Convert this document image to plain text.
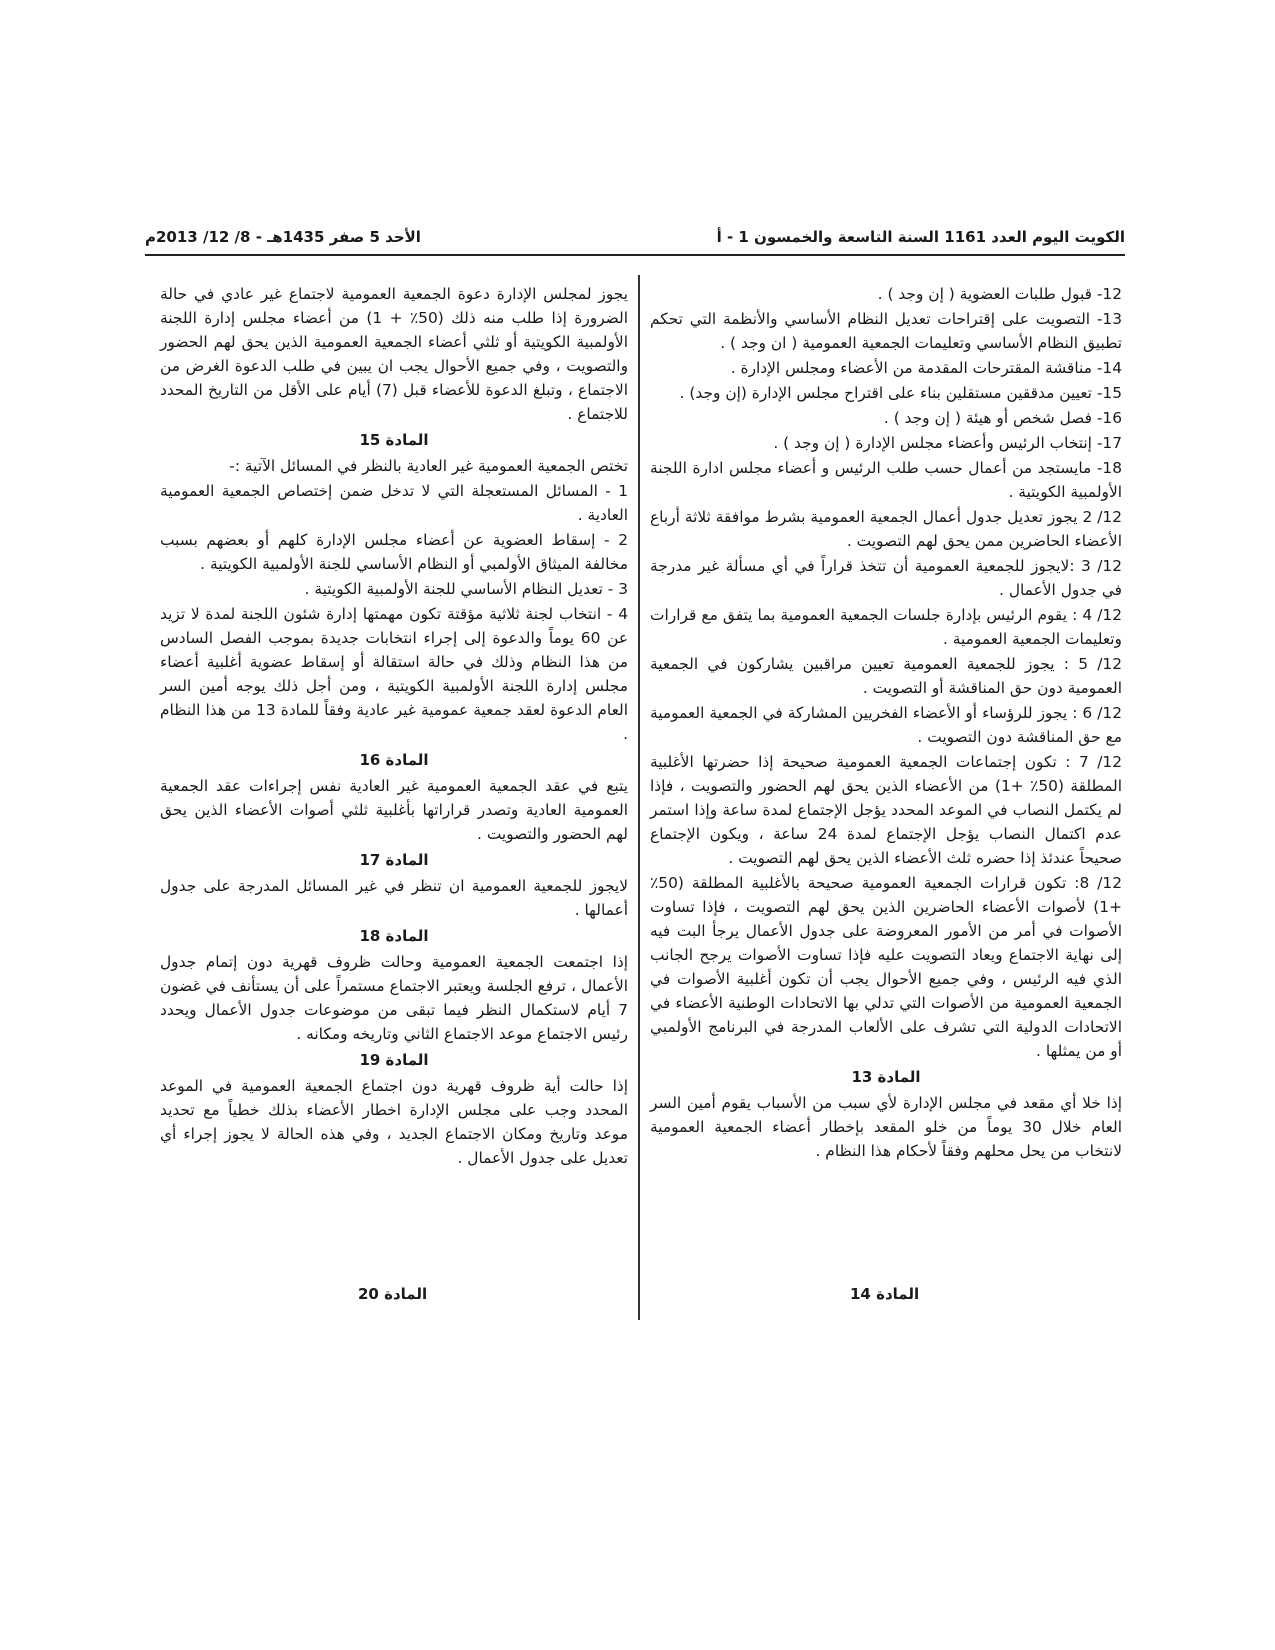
الكويت اليوم العدد 1161 السنة التاسعة والخمسون 1 - أ
الأحد 5 صفر 1435هـ - 8/ 12/ 2013م

12- قبول طلبات العضوية ( إن وجد ) .

13- التصويت على إقتراحات تعديل النظام الأساسي والأنظمة التي تحكم تطبيق النظام الأساسي وتعليمات الجمعية العمومية ( ان وجد ) .

14- مناقشة المقترحات المقدمة من الأعضاء ومجلس الإدارة .

15- تعيين مدققين مستقلين بناء على اقتراح مجلس الإدارة (إن وجد) .

16- فصل شخص أو هيئة ( إن وجد ) .

17- إنتخاب الرئيس وأعضاء مجلس الإدارة ( إن وجد ) .

18- مايستجد من أعمال حسب طلب الرئيس و أعضاء مجلس ادارة اللجنة الأولمبية الكويتية .

12/ 2 يجوز تعديل جدول أعمال الجمعية العمومية بشرط موافقة ثلاثة أرباع الأعضاء الحاضرين ممن يحق لهم التصويت .

12/ 3 :لايجوز للجمعية العمومية أن تتخذ قراراً في أي مسألة غير مدرجة في جدول الأعمال .

12/ 4 : يقوم الرئيس بإدارة جلسات الجمعية العمومية بما يتفق مع قرارات وتعليمات الجمعية العمومية .

12/ 5 : يجوز للجمعية العمومية تعيين مراقبين يشاركون في الجمعية العمومية دون حق المناقشة أو التصويت .

12/ 6 : يجوز للرؤساء أو الأعضاء الفخريين المشاركة في الجمعية العمومية مع حق المناقشة دون التصويت .

12/ 7 : تكون إجتماعات الجمعية العمومية صحيحة إذا حضرتها الأغلبية المطلقة (50٪ +1) من الأعضاء الذين يحق لهم الحضور والتصويت ، فإذا لم يكتمل النصاب في الموعد المحدد يؤجل الإجتماع لمدة ساعة وإذا استمر عدم اكتمال النصاب يؤجل الإجتماع لمدة 24 ساعة ، ويكون الإجتماع صحيحاً عندئذ إذا حضره ثلث الأعضاء الذين يحق لهم التصويت .

12/ 8: تكون قرارات الجمعية العمومية صحيحة بالأغلبية المطلقة (50٪+1) لأصوات الأعضاء الحاضرين الذين يحق لهم التصويت ، فإذا تساوت الأصوات في أمر من الأمور المعروضة على جدول الأعمال يرجأ البت فيه إلى نهاية الاجتماع ويعاد التصويت عليه فإذا تساوت الأصوات يرجح الجانب الذي فيه الرئيس ، وفي جميع الأحوال يجب أن تكون أغلبية الأصوات في الجمعية العمومية من الأصوات التي تدلي بها الاتحادات الوطنية الأعضاء في الاتحادات الدولية التي تشرف على الألعاب المدرجة في البرنامج الأولمبي أو من يمثلها .

المادة 13

إذا خلا أي مقعد في مجلس الإدارة لأي سبب من الأسباب يقوم أمين السر العام خلال 30 يوماً من خلو المقعد بإخطار أعضاء الجمعية العمومية لانتخاب من يحل محلهم وفقاً لأحكام هذا النظام .

يجوز لمجلس الإدارة دعوة الجمعية العمومية لاجتماع غير عادي في حالة الضرورة إذا طلب منه ذلك (50٪ + 1) من أعضاء مجلس إدارة اللجنة الأولمبية الكويتية أو ثلثي أعضاء الجمعية العمومية الذين يحق لهم الحضور والتصويت ، وفي جميع الأحوال يجب ان يبين في طلب الدعوة الغرض من الاجتماع ، وتبلغ الدعوة للأعضاء قبل (7) أيام على الأقل من التاريخ المحدد للاجتماع .

المادة 15

تختص الجمعية العمومية غير العادية بالنظر في المسائل الآتية :-

1 - المسائل المستعجلة التي لا تدخل ضمن إختصاص الجمعية العمومية العادية .

2 - إسقاط العضوية عن أعضاء مجلس الإدارة كلهم أو بعضهم بسبب مخالفة الميثاق الأولمبي أو النظام الأساسي للجنة الأولمبية الكويتية .

3 - تعديل النظام الأساسي للجنة الأولمبية الكويتية .

4 - انتخاب لجنة ثلاثية مؤقتة تكون مهمتها إدارة شئون اللجنة لمدة لا تزيد عن 60 يوماً والدعوة إلى إجراء انتخابات جديدة بموجب الفصل السادس من هذا النظام وذلك في حالة استقالة أو إسقاط عضوية أغلبية أعضاء مجلس إدارة اللجنة الأولمبية الكويتية ، ومن أجل ذلك يوجه أمين السر العام الدعوة لعقد جمعية عمومية غير عادية وفقاً للمادة 13 من هذا النظام .

المادة 16

يتبع في عقد الجمعية العمومية غير العادية نفس إجراءات عقد الجمعية العمومية العادية وتصدر قراراتها بأغلبية ثلثي أصوات الأعضاء الذين يحق لهم الحضور والتصويت .

المادة 17

لايجوز للجمعية العمومية ان تنظر في غير المسائل المدرجة على جدول أعمالها .

المادة 18

إذا اجتمعت الجمعية العمومية وحالت ظروف قهرية دون إتمام جدول الأعمال ، ترفع الجلسة ويعتبر الاجتماع مستمراً على أن يستأنف في غضون 7 أيام لاستكمال النظر فيما تبقى من موضوعات جدول الأعمال ويحدد رئيس الاجتماع موعد الاجتماع الثاني وتاريخه ومكانه .

المادة 19

إذا حالت أية ظروف قهرية دون اجتماع الجمعية العمومية في الموعد المحدد وجب على مجلس الإدارة اخطار الأعضاء بذلك خطياً مع تحديد موعد وتاريخ ومكان الاجتماع الجديد ، وفي هذه الحالة لا يجوز إجراء أي تعديل على جدول الأعمال .

المادة 14
المادة 20
